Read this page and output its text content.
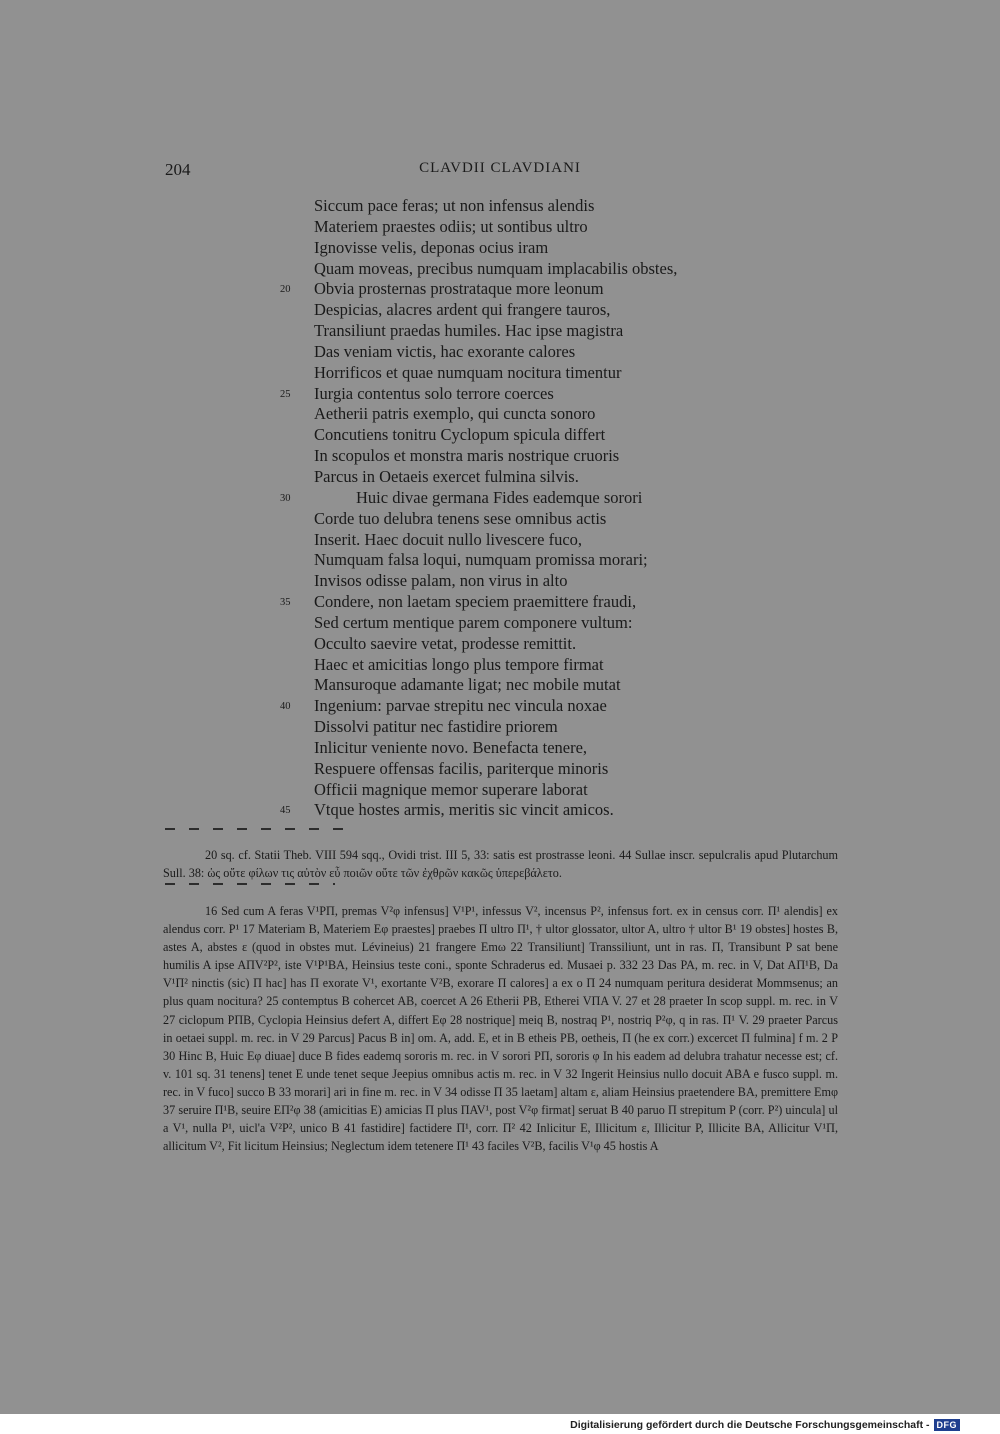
204	CLAVDII CLAVDIANI
Siccum pace feras; ut non infensus alendis
Materiem praestes odiis; ut sontibus ultro
Ignovisse velis, deponas ocius iram
Quam moveas, precibus numquam implacabilis obstes,
20 Obvia prosternas prostrataque more leonum
Despicias, alacres ardent qui frangere tauros,
Transiliunt praedas humiles. Hac ipse magistra
Das veniam victis, hac exorante calores
Horrificos et quae numquam nocitura timentur
25 Iurgia contentus solo terrore coerces
Aetherii patris exemplo, qui cuncta sonoro
Concutiens tonitru Cyclopum spicula differt
In scopulos et monstra maris nostrique cruoris
Parcus in Oetaeis exercet fulmina silvis.
30	Huic divae germana Fides eademque sorori
Corde tuo delubra tenens sese omnibus actis
Inserit. Haec docuit nullo livescere fuco,
Numquam falsa loqui, numquam promissa morari;
Invisos odisse palam, non virus in alto
35 Condere, non laetam speciem praemittere fraudi,
Sed certum mentique parem componere vultum:
Occulto saevire vetat, prodesse remittit.
Haec et amicitias longo plus tempore firmat
Mansuroque adamante ligat; nec mobile mutat
40 Ingenium: parvae strepitu nec vincula noxae
Dissolvi patitur nec fastidire priorem
Inlicitur veniente novo. Benefacta tenere,
Respuere offensas facilis, pariterque minoris
Officii magnique memor superare laborat
45 Vtque hostes armis, meritis sic vincit amicos.

20 sq. cf. Statii Theb. VIII 594 sqq., Ovidi trist. III 5, 33: satis est prostrasse leoni. 44 Sullae inscr. sepulcralis apud Plutarchum Sull. 38: ὡς οὔτε φίλων τις αὐτὸν εὖ ποιῶν οὔτε τῶν ἐχθρῶν κακῶς ὑπερεβάλετο.

16 Sed cum A feras V¹PΠ, premas V²φ infensus] V¹P¹, infessus V², incensus P², infensus fort. ex in census corr. Π¹ alendis] ex alendus corr. P¹ 17 Materiam B, Materiem Eφ praestes] praebes Π ultro Π¹, † ultor glossator, ultor A, ultro † ultor B¹ 19 obstes] hostes B, astes A, abstes ε (quod in obstes mut. Lévineius) 21 frangere Emω 22 Transiliunt] Transsiliunt, unt in ras. Π, Transibunt P sat bene humilis A ipse AΠV²P², iste V¹P¹BA, Heinsius teste coni., sponte Schraderus ed. Musaei p. 332 23 Das PA, m. rec. in V, Dat AΠ¹B, Da V¹Π² ninctis (sic) Π hac] has Π exorate V¹, exortante V²B, exorare Π calores] a ex o Π 24 numquam peritura desiderat Mommsenus; an plus quam nocitura? 25 contemptus B cohercet AB, coercet A 26 Etherii PB, Etherei VΠA V. 27 et 28 praeter In scop suppl. m. rec. in V 27 ciclopum PΠB, Cyclopia Heinsius defert A, differt Eφ 28 nostrique] meiq B, nostraq P¹, nostriq P²φ, q in ras. Π¹ V. 29 praeter Parcus in oetaei suppl. m. rec. in V 29 Parcus] Pacus B in] om. A, add. E, et in B etheis PB, oetheis, Π (he ex corr.) excercet Π fulmina] f m. 2 P 30 Hinc B, Huic Eφ diuae] duce B fides eademq sororis m. rec. in V sorori PΠ, sororis φ In his eadem ad delubra trahatur necesse est; cf. v. 101 sq. 31 tenens] tenet E unde tenet seque Jeepius omnibus actis m. rec. in V 32 Ingerit Heinsius nullo docuit ABA e fusco suppl. m. rec. in V fuco] succo B 33 morari] ari in fine m. rec. in V 34 odisse Π 35 laetam] altam ε, aliam Heinsius praetendere BA, premittere Emφ 37 seruire Π¹B, seuire EΠ²φ 38 (amicitias E) amicias Π plus ΠAV¹, post V²φ firmat] seruat B 40 paruo Π strepitum P (corr. P²) uincula] ul a V¹, nulla P¹, uicl'a V²P², unico B 41 fastidire] factidere Π¹, corr. Π² 42 Inlicitur E, Illicitum ε, Illicitur P, Illicite BA, Allicitur V¹Π, allicitum V², Fit licitum Heinsius; Neglectum idem tetenere Π¹ 43 faciles V²B, facilis V¹φ 45 hostis A

Digitalisierung gefördert durch die Deutsche Forschungsgemeinschaft - DFG
